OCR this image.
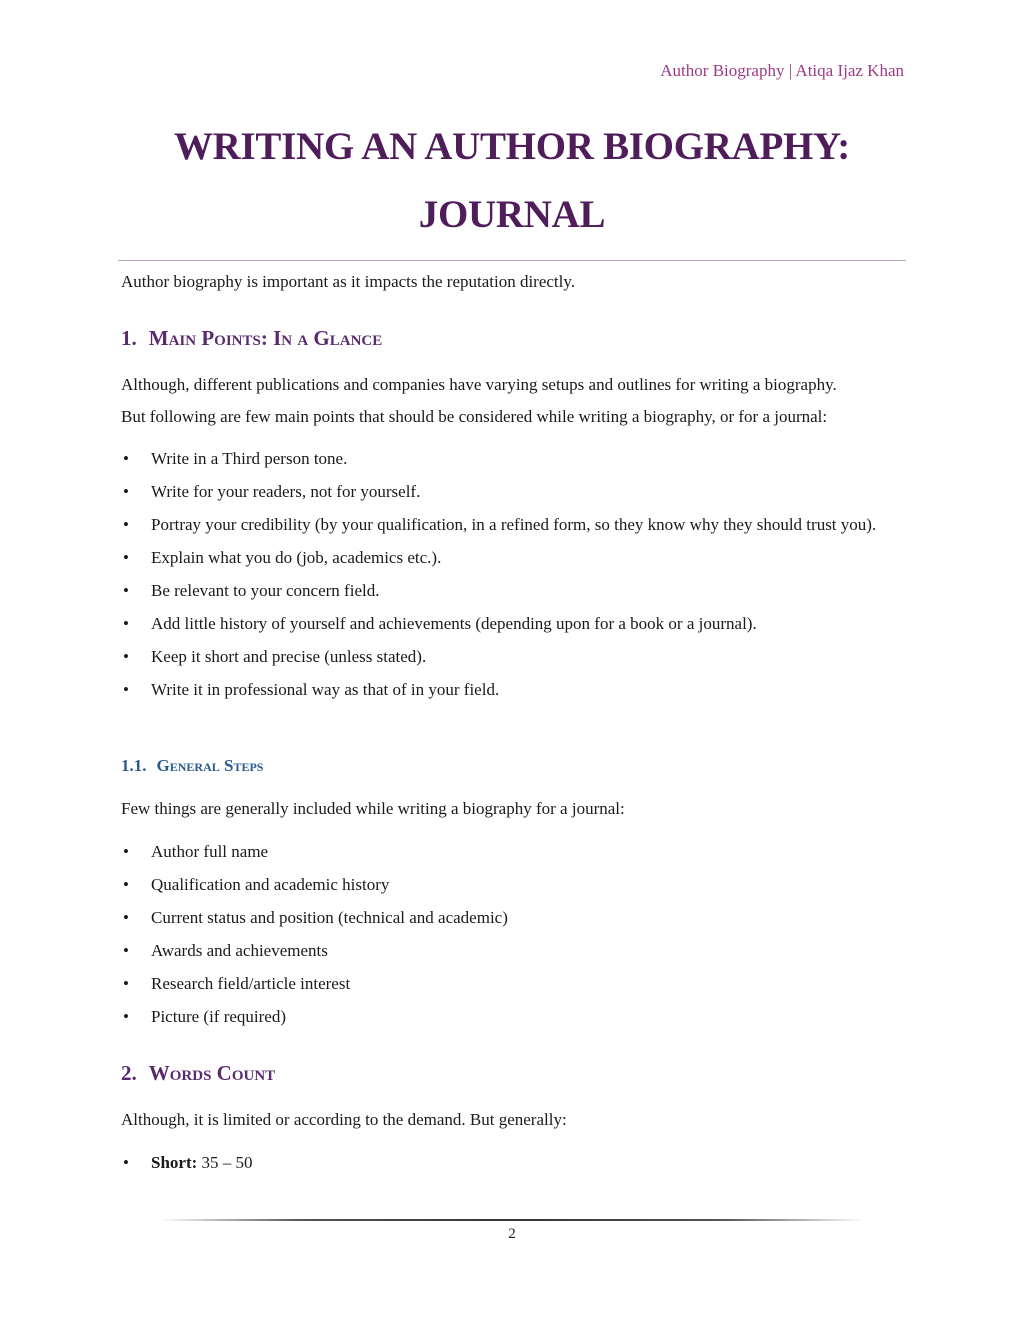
Author Biography | Atiqa Ijaz Khan
WRITING AN AUTHOR BIOGRAPHY:
JOURNAL

Author biography is important as it impacts the reputation directly.

1. Main Points: In a Glance

Although, different publications and companies have varying setups and outlines for writing a biography.
But following are few main points that should be considered while writing a biography, or for a journal:

• Write in a Third person tone.
• Write for your readers, not for yourself.
• Portray your credibility (by your qualification, in a refined form, so they know why they should trust you).
• Explain what you do (job, academics etc.).
• Be relevant to your concern field.
• Add little history of yourself and achievements (depending upon for a book or a journal).
• Keep it short and precise (unless stated).
• Write it in professional way as that of in your field.
1.1. General Steps

Few things are generally included while writing a biography for a journal:

• Author full name
• Qualification and academic history
• Current status and position (technical and academic)
• Awards and achievements
• Research field/article interest
• Picture (if required)
2. Words Count

Although, it is limited or according to the demand. But generally:

• Short: 35 – 50
2
